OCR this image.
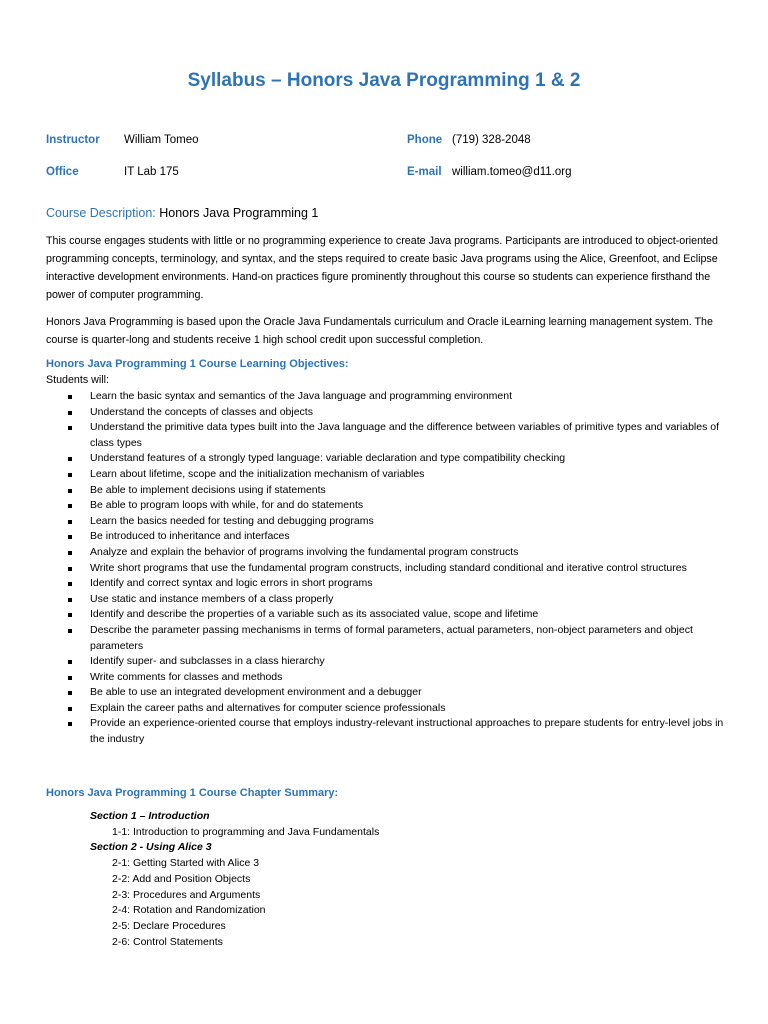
Syllabus – Honors Java Programming 1 & 2
Instructor William Tomeo
Office	IT Lab 175
Phone (719) 328-2048
E-mail william.tomeo@d11.org
Course Description: Honors Java Programming 1
This course engages students with little or no programming experience to create Java programs. Participants are introduced to object-oriented programming concepts, terminology, and syntax, and the steps required to create basic Java programs using the Alice, Greenfoot, and Eclipse interactive development environments. Hand-on practices figure prominently throughout this course so students can experience firsthand the power of computer programming.
Honors Java Programming is based upon the Oracle Java Fundamentals curriculum and Oracle iLearning learning management system. The course is quarter-long and students receive 1 high school credit upon successful completion.
Honors Java Programming 1 Course Learning Objectives:
Students will:
Learn the basic syntax and semantics of the Java language and programming environment
Understand the concepts of classes and objects
Understand the primitive data types built into the Java language and the difference between variables of primitive types and variables of class types
Understand features of a strongly typed language: variable declaration and type compatibility checking
Learn about lifetime, scope and the initialization mechanism of variables
Be able to implement decisions using if statements
Be able to program loops with while, for and do statements
Learn the basics needed for testing and debugging programs
Be introduced to inheritance and interfaces
Analyze and explain the behavior of programs involving the fundamental program constructs
Write short programs that use the fundamental program constructs, including standard conditional and iterative control structures
Identify and correct syntax and logic errors in short programs
Use static and instance members of a class properly
Identify and describe the properties of a variable such as its associated value, scope and lifetime
Describe the parameter passing mechanisms in terms of formal parameters, actual parameters, non-object parameters and object parameters
Identify super- and subclasses in a class hierarchy
Write comments for classes and methods
Be able to use an integrated development environment and a debugger
Explain the career paths and alternatives for computer science professionals
Provide an experience-oriented course that employs industry-relevant instructional approaches to prepare students for entry-level jobs in the industry
Honors Java Programming 1 Course Chapter Summary:
Section 1 – Introduction
1-1: Introduction to programming and Java Fundamentals
Section 2 - Using Alice 3
2-1: Getting Started with Alice 3
2-2: Add and Position Objects
2-3: Procedures and Arguments
2-4: Rotation and Randomization
2-5: Declare Procedures
2-6: Control Statements
